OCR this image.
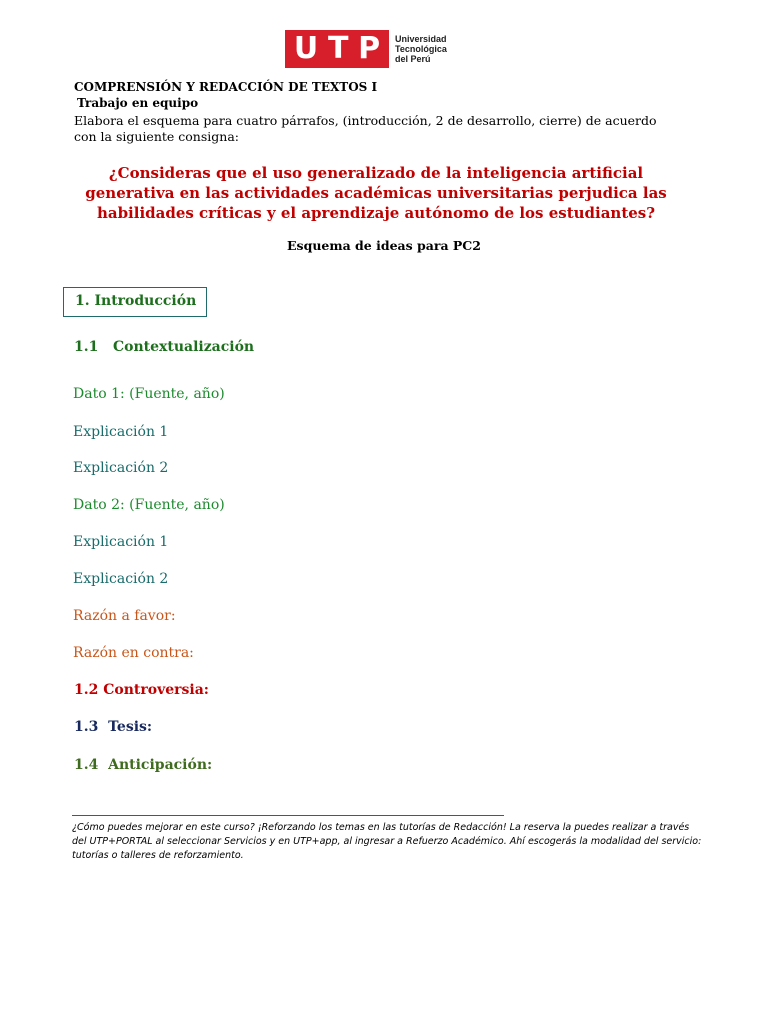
U T P Universidad
Tecnológica
del Perú
COMPRENSIÓN Y REDACCIÓN DE TEXTOS I
Trabajo en equipo
Elabora el esquema para cuatro párrafos, (introducción, 2 de desarrollo, cierre) de acuerdo con la siguiente consigna:
¿Consideras que el uso generalizado de la inteligencia artificial generativa en las actividades académicas universitarias perjudica las habilidades críticas y el aprendizaje autónomo de los estudiantes?
Esquema de ideas para PC2
1. Introducción
1.1   Contextualización
Dato 1: (Fuente, año)
Explicación 1
Explicación 2
Dato 2: (Fuente, año)
Explicación 1
Explicación 2
Razón a favor:
Razón en contra:
1.2 Controversia:
1.3  Tesis:
1.4  Anticipación:
¿Cómo puedes mejorar en este curso? ¡Reforzando los temas en las tutorías de Redacción! La reserva la puedes realizar a través del UTP+PORTAL al seleccionar Servicios y en UTP+app, al ingresar a Refuerzo Académico. Ahí escogerás la modalidad del servicio: tutorías o talleres de reforzamiento.
